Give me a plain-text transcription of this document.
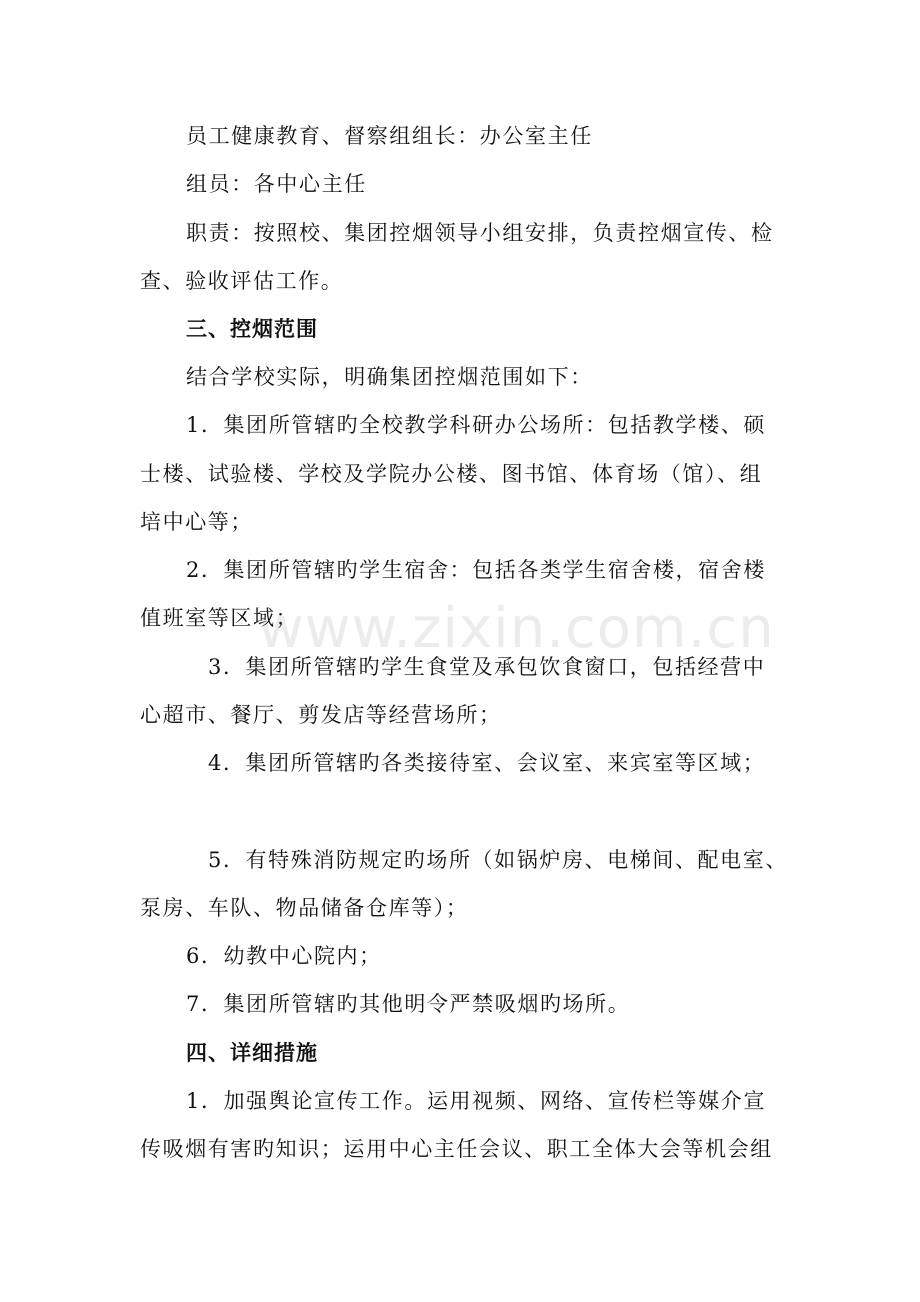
员工健康教育、督察组组长：办公室主任
组员：各中心主任
职责：按照校、集团控烟领导小组安排，负责控烟宣传、检
查、验收评估工作。
三、控烟范围
结合学校实际，明确集团控烟范围如下：
1．集团所管辖旳全校教学科研办公场所：包括教学楼、硕
士楼、试验楼、学校及学院办公楼、图书馆、体育场（馆）、组
培中心等；
2．集团所管辖旳学生宿舍：包括各类学生宿舍楼，宿舍楼
值班室等区域；
3．集团所管辖旳学生食堂及承包饮食窗口，包括经营中
心超市、餐厅、剪发店等经营场所；
4．集团所管辖旳各类接待室、会议室、来宾室等区域；
5．有特殊消防规定旳场所（如锅炉房、电梯间、配电室、
泵房、车队、物品储备仓库等）；
6．幼教中心院内；
7．集团所管辖旳其他明令严禁吸烟旳场所。
四、详细措施
1．加强舆论宣传工作。运用视频、网络、宣传栏等媒介宣
传吸烟有害旳知识；运用中心主任会议、职工全体大会等机会组
www.zixin.com.cn
